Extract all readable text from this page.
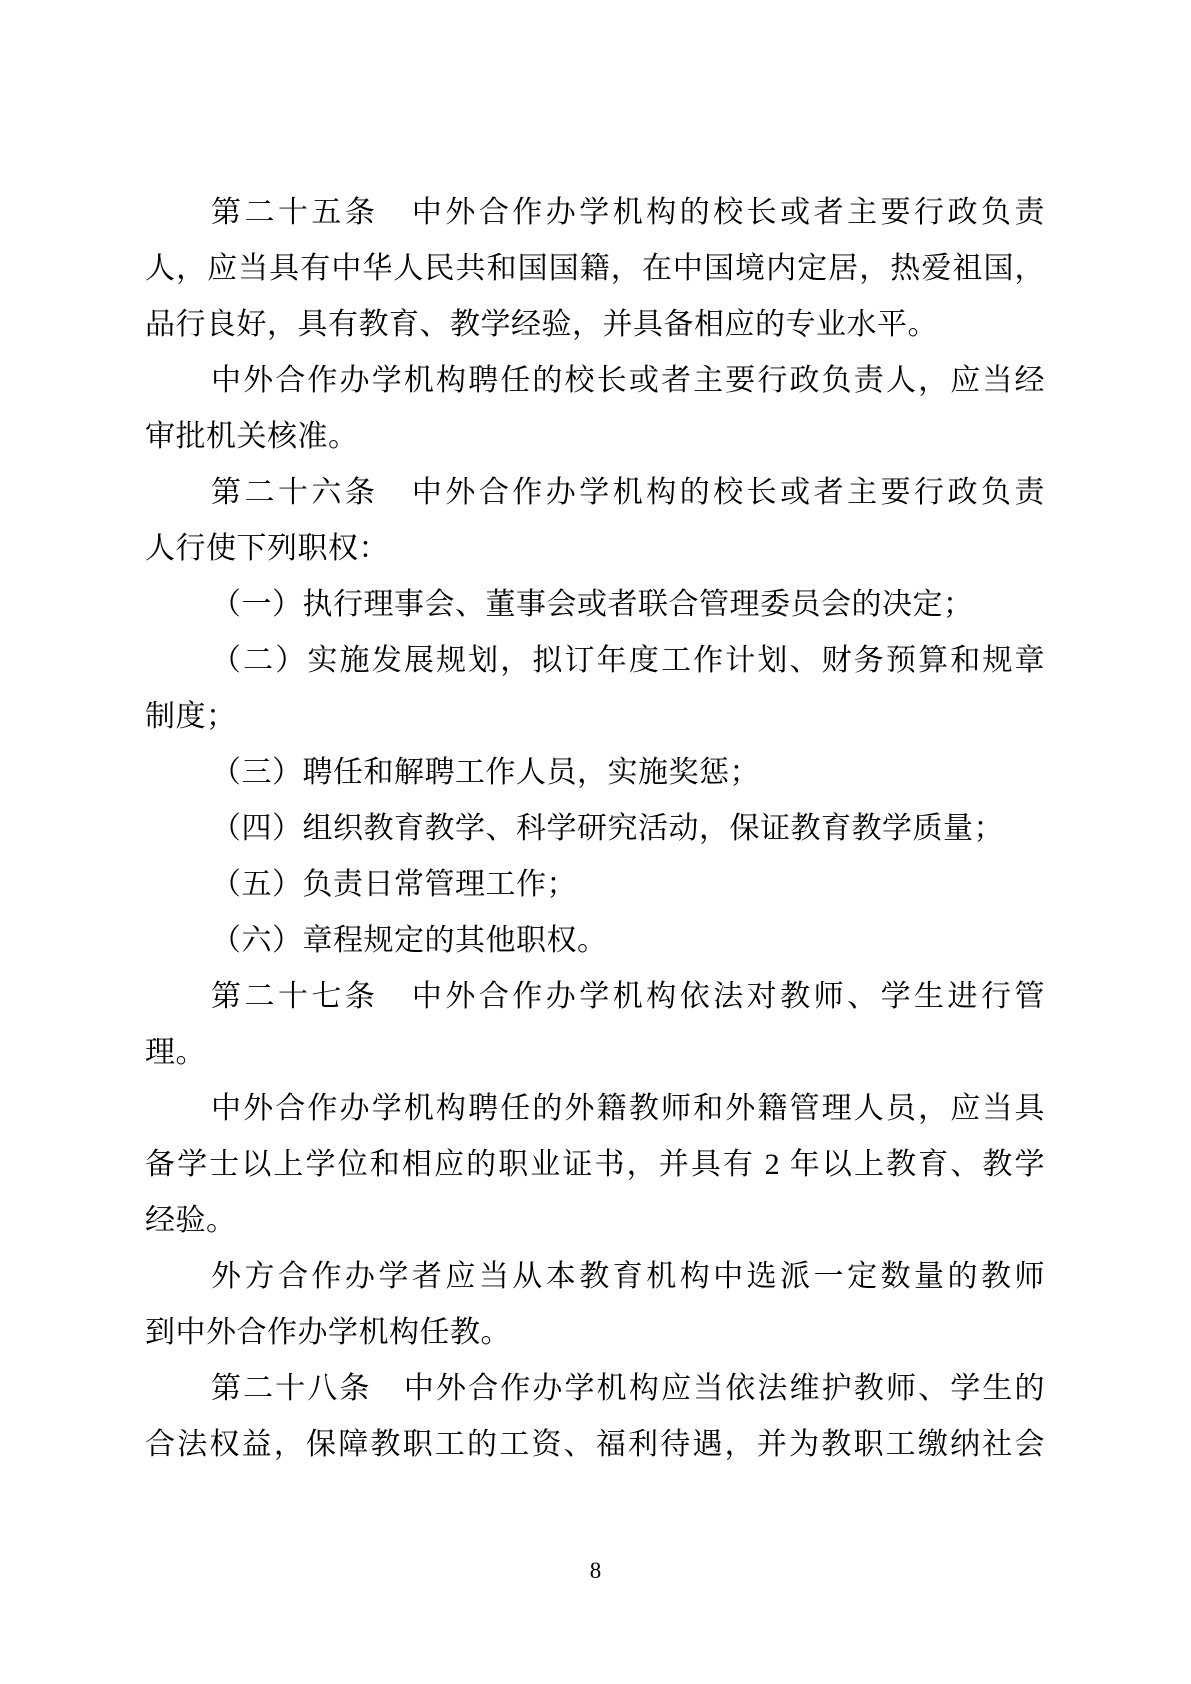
第二十五条　中外合作办学机构的校长或者主要行政负责
人，应当具有中华人民共和国国籍，在中国境内定居，热爱祖国，
品行良好，具有教育、教学经验，并具备相应的专业水平。
中外合作办学机构聘任的校长或者主要行政负责人，应当经
审批机关核准。
第二十六条　中外合作办学机构的校长或者主要行政负责
人行使下列职权：
（一）执行理事会、董事会或者联合管理委员会的决定；
（二）实施发展规划，拟订年度工作计划、财务预算和规章
制度；
（三）聘任和解聘工作人员，实施奖惩；
（四）组织教育教学、科学研究活动，保证教育教学质量；
（五）负责日常管理工作；
（六）章程规定的其他职权。
第二十七条　中外合作办学机构依法对教师、学生进行管
理。
中外合作办学机构聘任的外籍教师和外籍管理人员，应当具
备学士以上学位和相应的职业证书，并具有 2 年以上教育、教学
经验。
外方合作办学者应当从本教育机构中选派一定数量的教师
到中外合作办学机构任教。
第二十八条　中外合作办学机构应当依法维护教师、学生的
合法权益，保障教职工的工资、福利待遇，并为教职工缴纳社会
8
